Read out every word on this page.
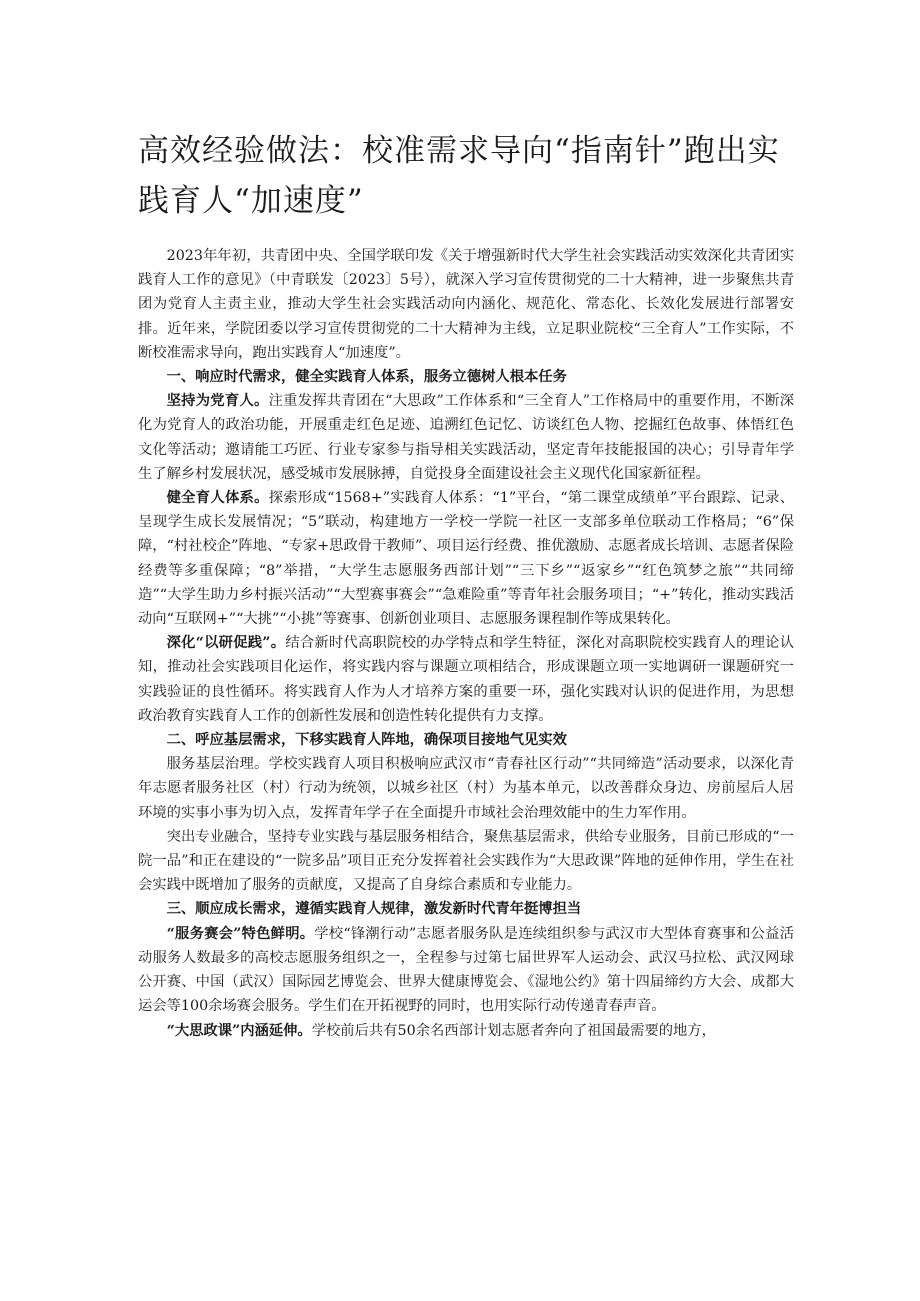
高效经验做法：校准需求导向“指南针”跑出实践育人“加速度”

2023年年初，共青团中央、全国学联印发《关于增强新时代大学生社会实践活动实效深化共青团实践育人工作的意见》（中青联发〔2023〕5号），就深入学习宣传贯彻党的二十大精神，进一步聚焦共青团为党育人主责主业，推动大学生社会实践活动向内涵化、规范化、常态化、长效化发展进行部署安排。近年来，学院团委以学习宣传贯彻党的二十大精神为主线，立足职业院校“三全育人”工作实际，不断校准需求导向，跑出实践育人“加速度”。

一、响应时代需求，健全实践育人体系，服务立德树人根本任务

坚持为党育人。注重发挥共青团在“大思政”工作体系和“三全育人”工作格局中的重要作用，不断深化为党育人的政治功能，开展重走红色足迹、追溯红色记忆、访谈红色人物、挖掘红色故事、体悟红色文化等活动；邀请能工巧匠、行业专家参与指导相关实践活动，坚定青年技能报国的决心；引导青年学生了解乡村发展状况，感受城市发展脉搏，自觉投身全面建设社会主义现代化国家新征程。

健全育人体系。探索形成“1568+”实践育人体系：“1”平台，“第二课堂成绩单”平台跟踪、记录、呈现学生成长发展情况；“5”联动，构建地方一学校一学院一社区一支部多单位联动工作格局；“6”保障，“村社校企”阵地、“专家+思政骨干教师”、项目运行经费、推优激励、志愿者成长培训、志愿者保险经费等多重保障；“8”举措，“大学生志愿服务西部计划”“三下乡”“返家乡”“红色筑梦之旅”“共同缔造”“大学生助力乡村振兴活动”“大型赛事赛会”“急难险重”等青年社会服务项目；“+”转化，推动实践活动向“互联网+”“大挑”“小挑”等赛事、创新创业项目、志愿服务课程制作等成果转化。

深化“以研促践”。结合新时代高职院校的办学特点和学生特征，深化对高职院校实践育人的理论认知，推动社会实践项目化运作，将实践内容与课题立项相结合，形成课题立项一实地调研一课题研究一实践验证的良性循环。将实践育人作为人才培养方案的重要一环，强化实践对认识的促进作用，为思想政治教育实践育人工作的创新性发展和创造性转化提供有力支撑。

二、呼应基层需求，下移实践育人阵地，确保项目接地气见实效

服务基层治理。学校实践育人项目积极响应武汉市“青春社区行动”“共同缔造”活动要求，以深化青年志愿者服务社区（村）行动为统领，以城乡社区（村）为基本单元，以改善群众身边、房前屋后人居环境的实事小事为切入点，发挥青年学子在全面提升市域社会治理效能中的生力军作用。

突出专业融合，坚持专业实践与基层服务相结合，聚焦基层需求，供给专业服务，目前已形成的“一院一品”和正在建设的“一院多品”项目正充分发挥着社会实践作为“大思政课”阵地的延伸作用，学生在社会实践中既增加了服务的贡献度，又提高了自身综合素质和专业能力。

三、顺应成长需求，遵循实践育人规律，激发新时代青年挺博担当

“服务赛会”特色鲜明。学校“锋潮行动”志愿者服务队是连续组织参与武汉市大型体育赛事和公益活动服务人数最多的高校志愿服务组织之一，全程参与过第七届世界军人运动会、武汉马拉松、武汉网球公开赛、中国（武汉）国际园艺博览会、世界大健康博览会、《湿地公约》第十四届缔约方大会、成都大运会等100余场赛会服务。学生们在开拓视野的同时，也用实际行动传递青春声音。

“大思政课”内涵延伸。学校前后共有50余名西部计划志愿者奔向了祖国最需要的地方，
